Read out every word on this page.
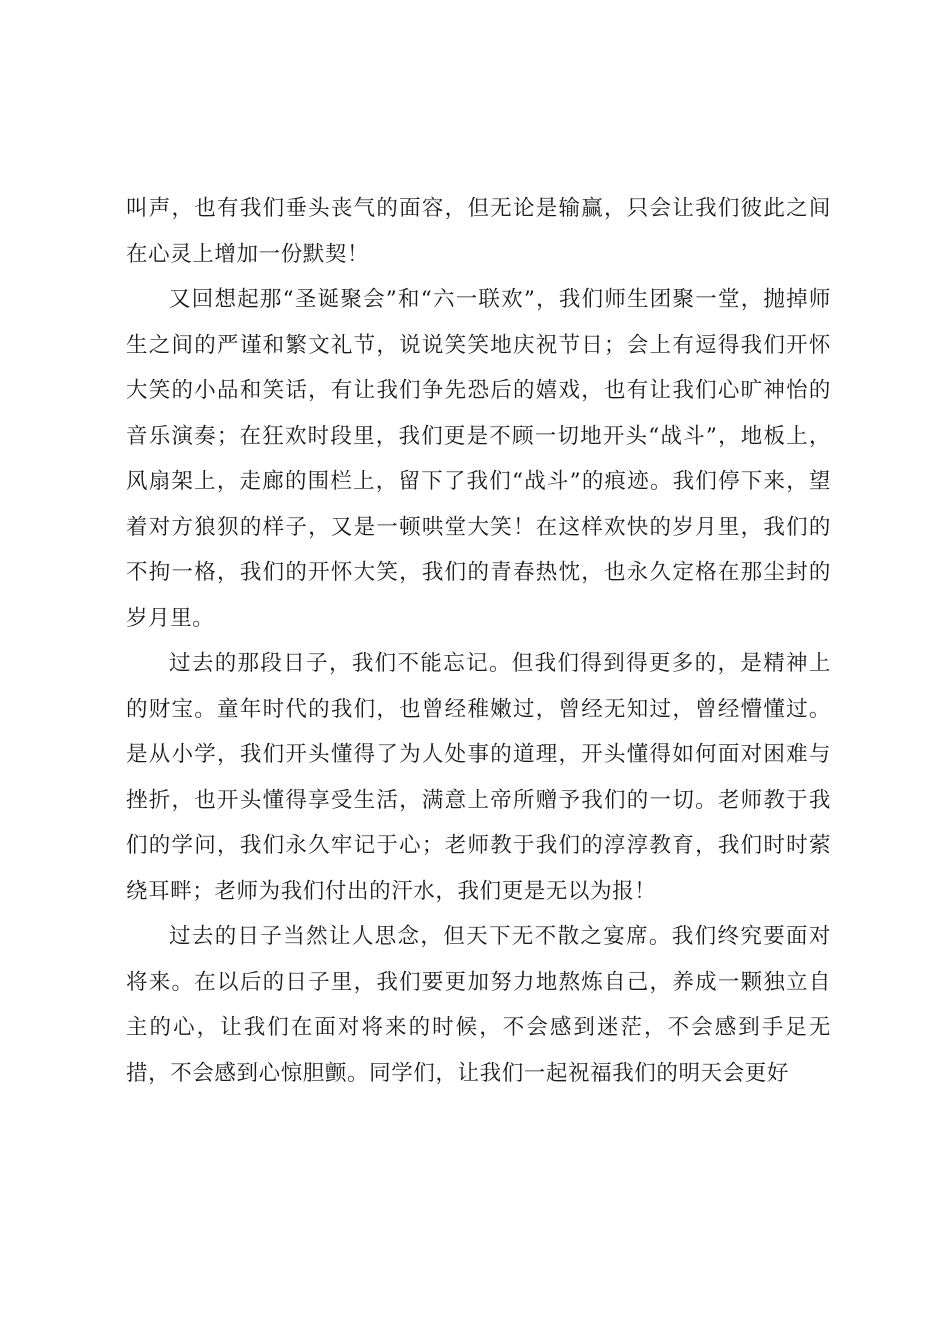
叫声，也有我们垂头丧气的面容，但无论是输赢，只会让我们彼此之间在心灵上增加一份默契！

又回想起那“圣诞聚会”和“六一联欢”，我们师生团聚一堂，抛掉师生之间的严谨和繁文礼节，说说笑笑地庆祝节日；会上有逗得我们开怀大笑的小品和笑话，有让我们争先恐后的嬉戏，也有让我们心旷神怡的音乐演奏；在狂欢时段里，我们更是不顾一切地开头“战斗”，地板上，风扇架上，走廊的围栏上，留下了我们“战斗”的痕迹。我们停下来，望着对方狼狈的样子，又是一顿哄堂大笑！在这样欢快的岁月里，我们的不拘一格，我们的开怀大笑，我们的青春热忱，也永久定格在那尘封的岁月里。

过去的那段日子，我们不能忘记。但我们得到得更多的，是精神上的财宝。童年时代的我们，也曾经稚嫩过，曾经无知过，曾经懵懂过。是从小学，我们开头懂得了为人处事的道理，开头懂得如何面对困难与挫折，也开头懂得享受生活，满意上帝所赠予我们的一切。老师教于我们的学问，我们永久牢记于心；老师教于我们的淳淳教育，我们时时萦绕耳畔；老师为我们付出的汗水，我们更是无以为报！

过去的日子当然让人思念，但天下无不散之宴席。我们终究要面对将来。在以后的日子里，我们要更加努力地熬炼自己，养成一颗独立自主的心，让我们在面对将来的时候，不会感到迷茫，不会感到手足无措，不会感到心惊胆颤。同学们，让我们一起祝福我们的明天会更好
